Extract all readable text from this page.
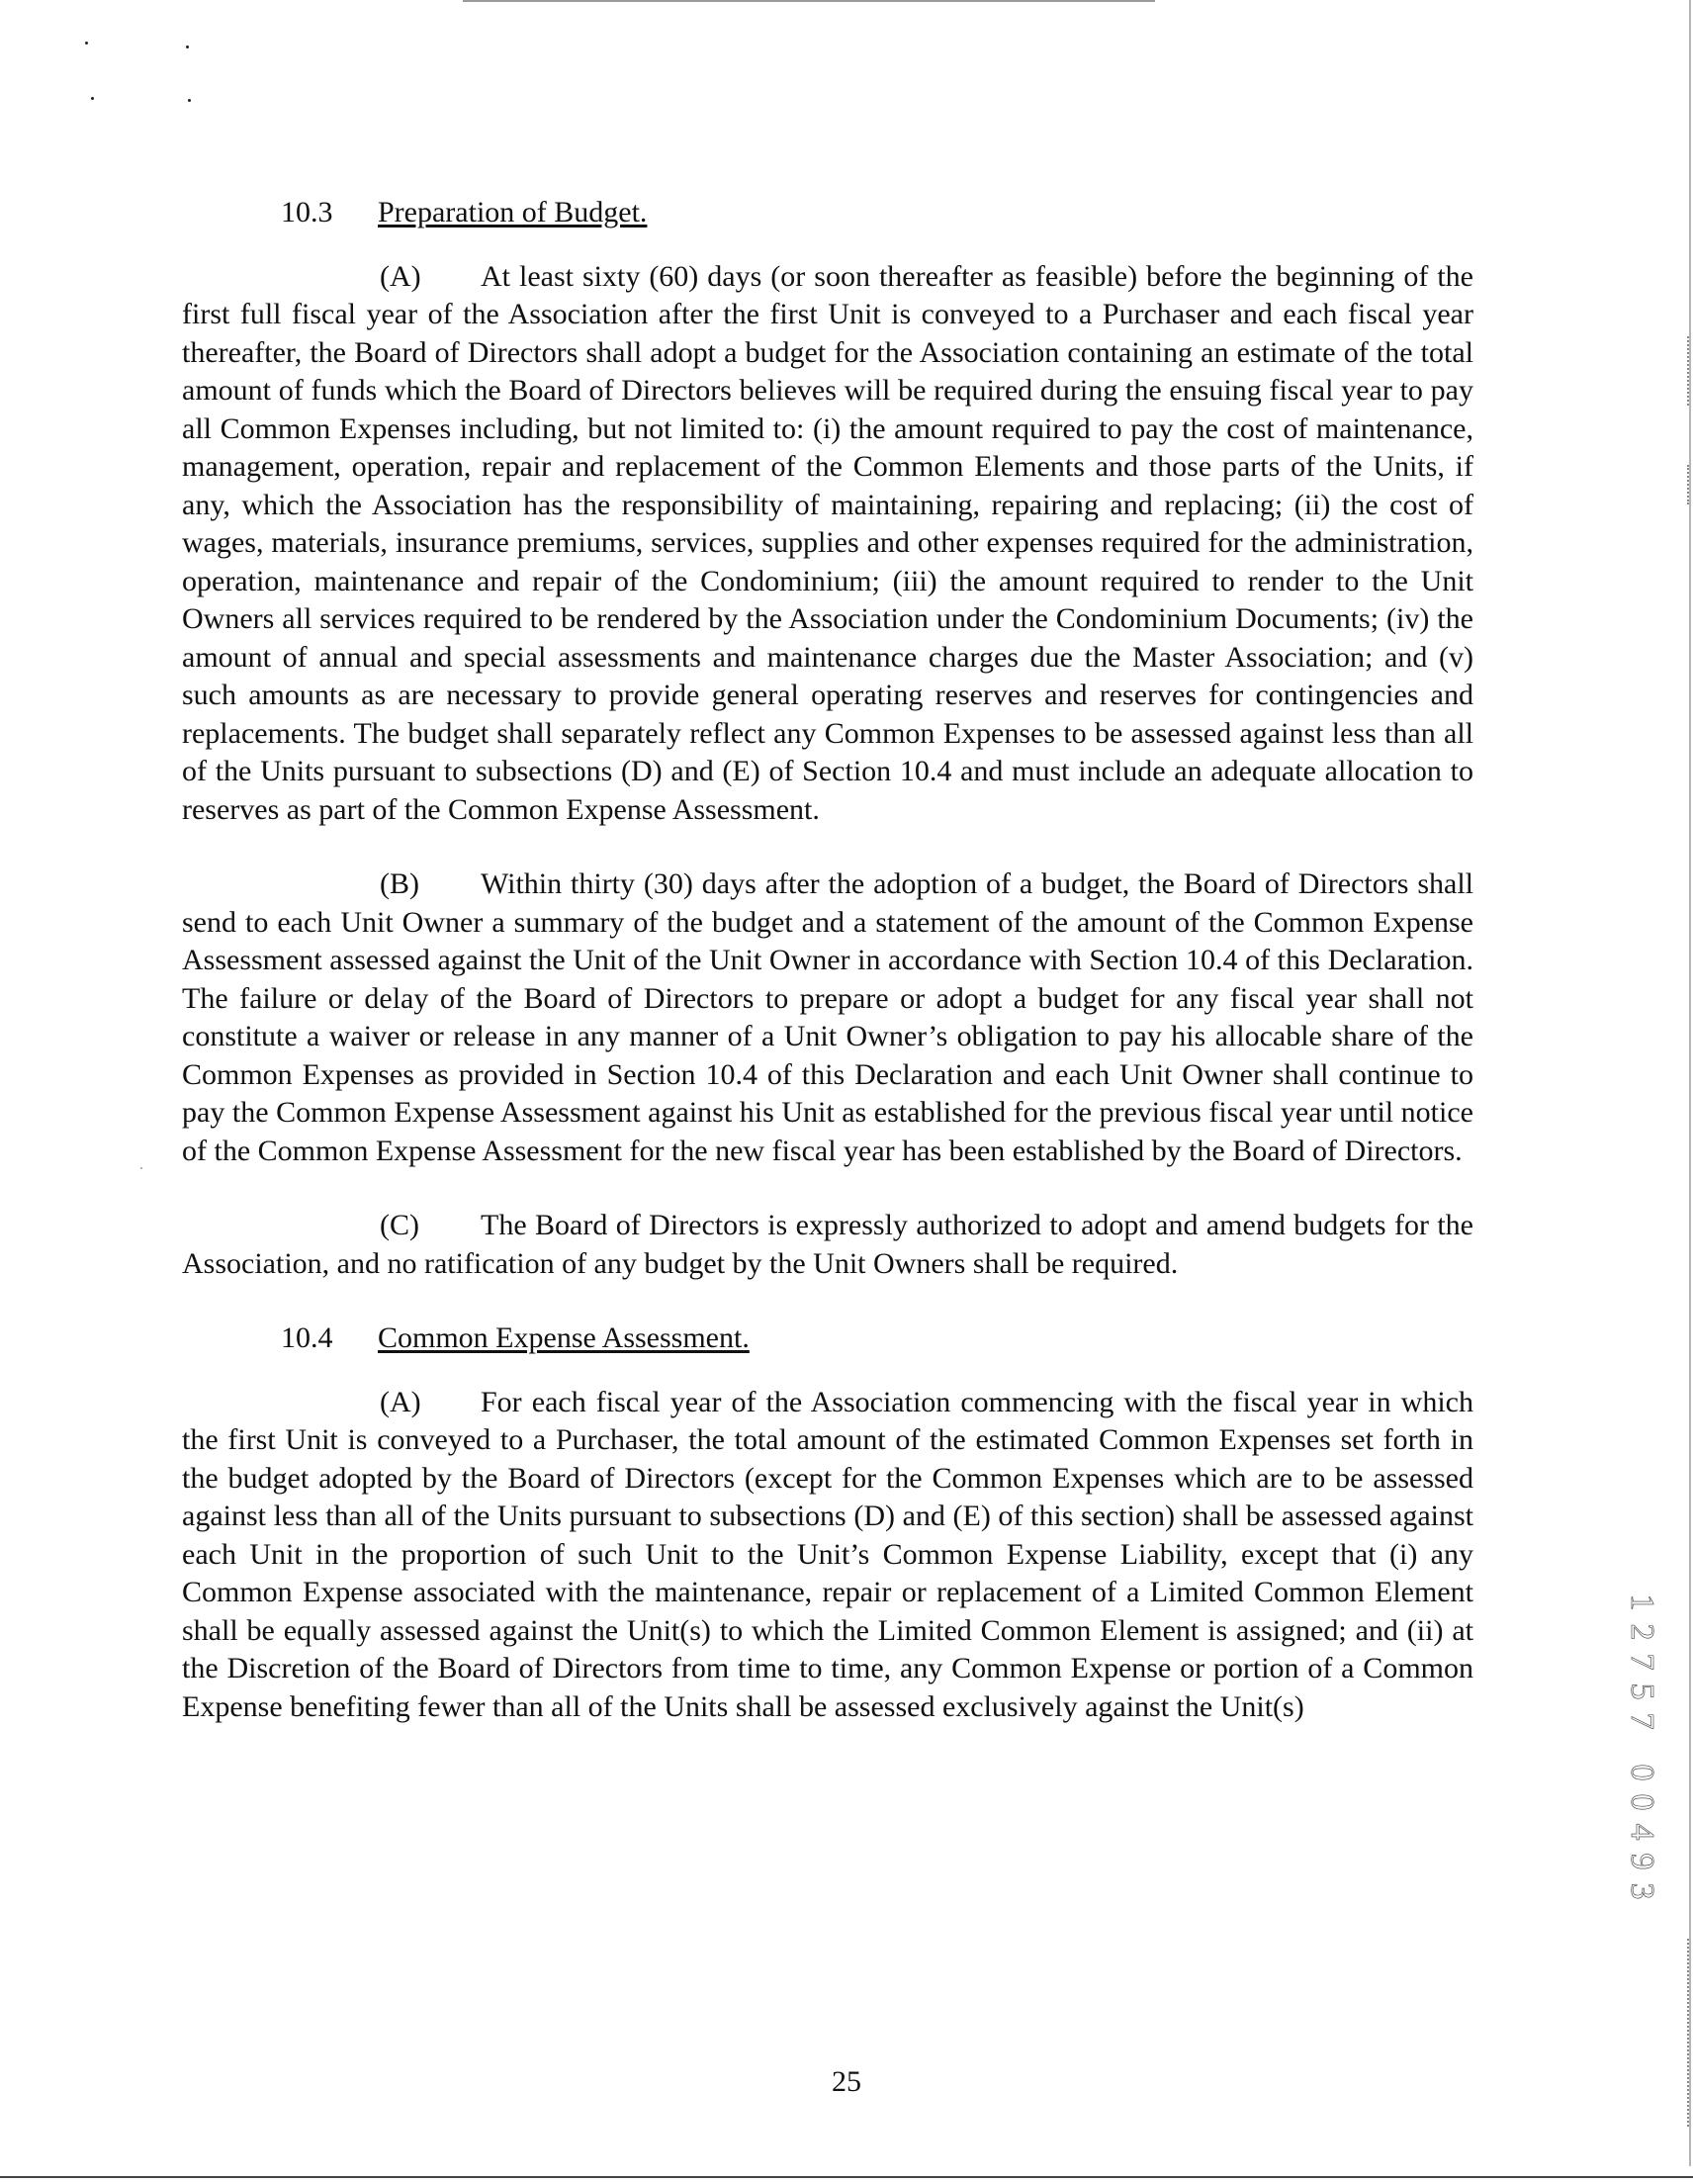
10.3 Preparation of Budget.

(A) At least sixty (60) days (or soon thereafter as feasible) before the beginning of the first full fiscal year of the Association after the first Unit is conveyed to a Purchaser and each fiscal year thereafter, the Board of Directors shall adopt a budget for the Association containing an estimate of the total amount of funds which the Board of Directors believes will be required during the ensuing fiscal year to pay all Common Expenses including, but not limited to: (i) the amount required to pay the cost of maintenance, management, operation, repair and replacement of the Common Elements and those parts of the Units, if any, which the Association has the responsibility of maintaining, repairing and replacing; (ii) the cost of wages, materials, insurance premiums, services, supplies and other expenses required for the administration, operation, maintenance and repair of the Condominium; (iii) the amount required to render to the Unit Owners all services required to be rendered by the Association under the Condominium Documents; (iv) the amount of annual and special assessments and maintenance charges due the Master Association; and (v) such amounts as are necessary to provide general operating reserves and reserves for contingencies and replacements. The budget shall separately reflect any Common Expenses to be assessed against less than all of the Units pursuant to subsections (D) and (E) of Section 10.4 and must include an adequate allocation to reserves as part of the Common Expense Assessment.

(B) Within thirty (30) days after the adoption of a budget, the Board of Directors shall send to each Unit Owner a summary of the budget and a statement of the amount of the Common Expense Assessment assessed against the Unit of the Unit Owner in accordance with Section 10.4 of this Declaration. The failure or delay of the Board of Directors to prepare or adopt a budget for any fiscal year shall not constitute a waiver or release in any manner of a Unit Owner’s obligation to pay his allocable share of the Common Expenses as provided in Section 10.4 of this Declaration and each Unit Owner shall continue to pay the Common Expense Assessment against his Unit as established for the previous fiscal year until notice of the Common Expense Assessment for the new fiscal year has been established by the Board of Directors.

(C) The Board of Directors is expressly authorized to adopt and amend budgets for the Association, and no ratification of any budget by the Unit Owners shall be required.

10.4 Common Expense Assessment.

(A) For each fiscal year of the Association commencing with the fiscal year in which the first Unit is conveyed to a Purchaser, the total amount of the estimated Common Expenses set forth in the budget adopted by the Board of Directors (except for the Common Expenses which are to be assessed against less than all of the Units pursuant to subsections (D) and (E) of this section) shall be assessed against each Unit in the proportion of such Unit to the Unit’s Common Expense Liability, except that (i) any Common Expense associated with the maintenance, repair or replacement of a Limited Common Element shall be equally assessed against the Unit(s) to which the Limited Common Element is assigned; and (ii) at the Discretion of the Board of Directors from time to time, any Common Expense or portion of a Common Expense benefiting fewer than all of the Units shall be assessed exclusively against the Unit(s)

25
1
2
7
5
7
0
0
4
9
3
